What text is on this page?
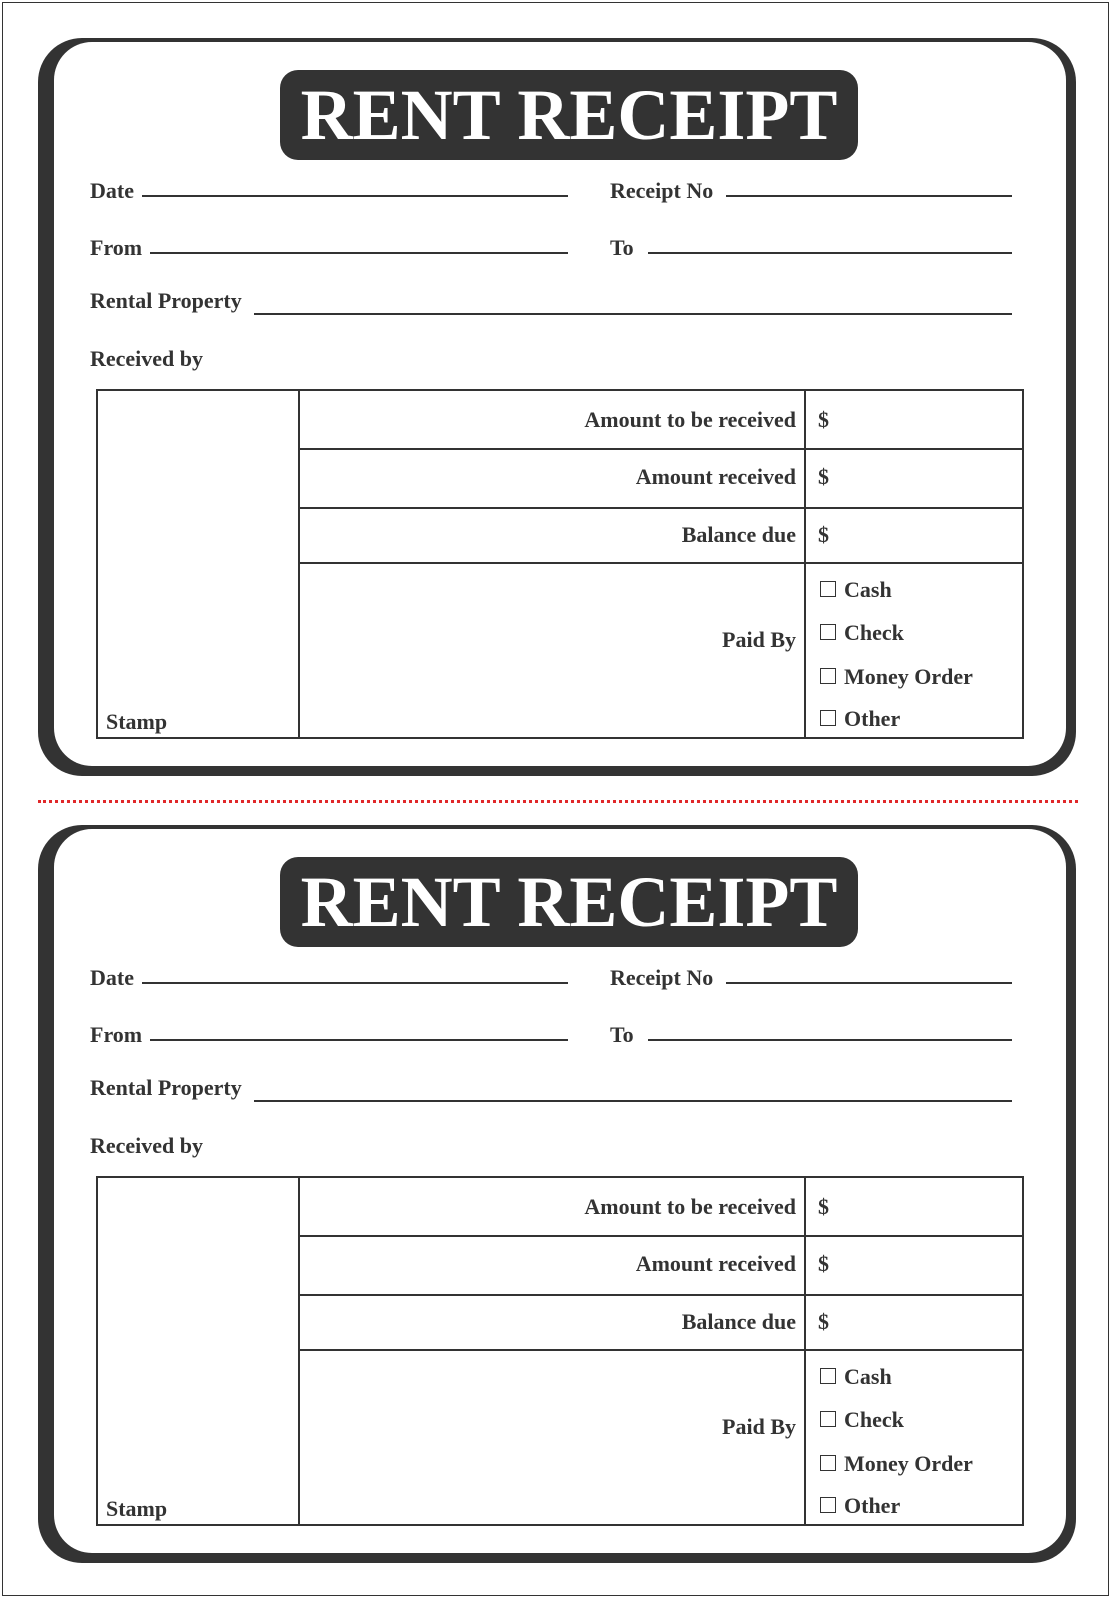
RENT RECEIPT
Date	Receipt No
From	To
Rental Property
Received by
Stamp
Amount to be received $
Amount received $
Balance due $
Paid By
Cash
Check
Money Order
Other
RENT RECEIPT
Date	Receipt No
From	To
Rental Property
Received by
Stamp
Amount to be received $
Amount received $
Balance due $
Paid By
Cash
Check
Money Order
Other
